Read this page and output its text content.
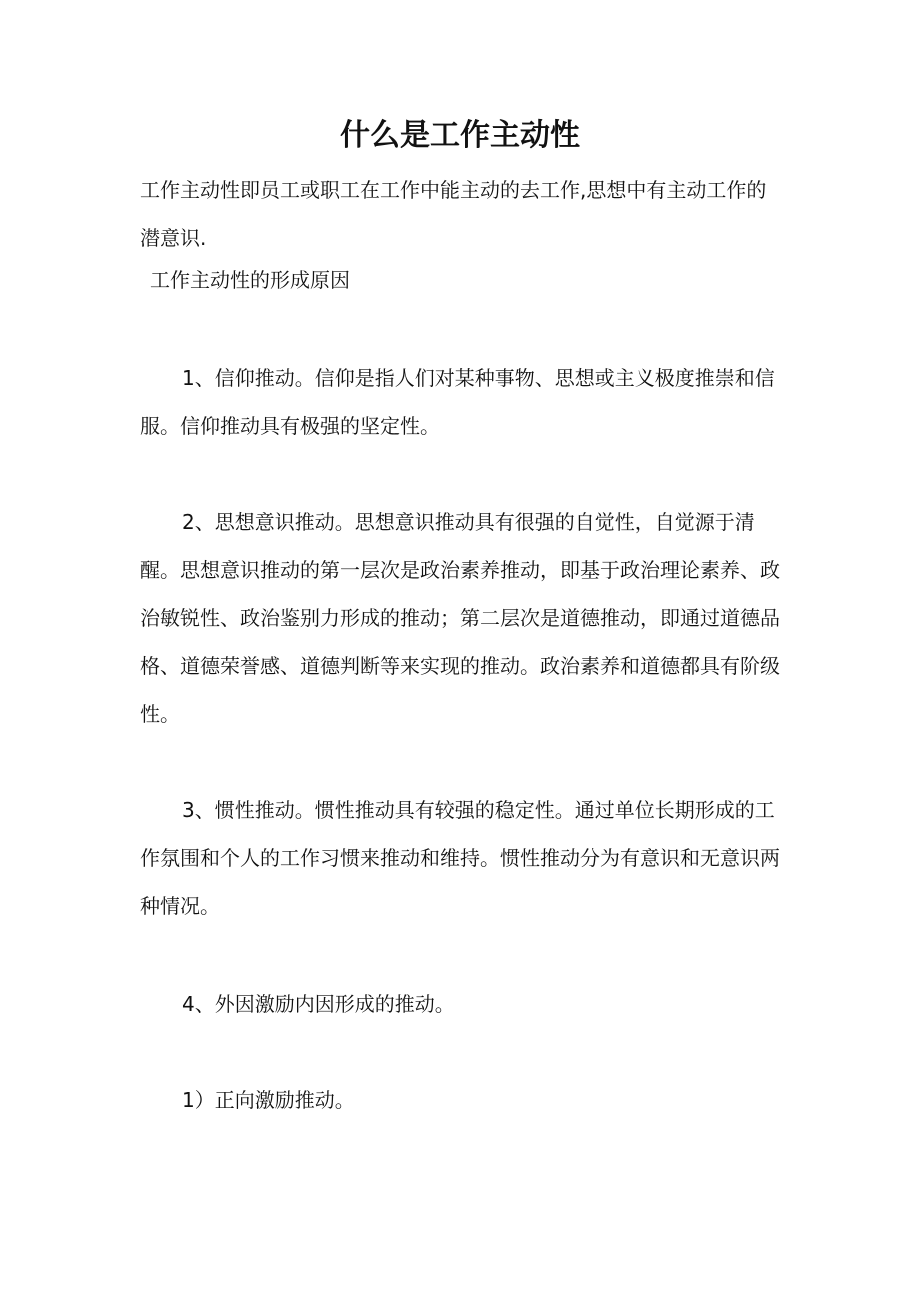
什么是工作主动性

工作主动性即员工或职工在工作中能主动的去工作,思想中有主动工作的潜意识.

工作主动性的形成原因

1、信仰推动。信仰是指人们对某种事物、思想或主义极度推崇和信服。信仰推动具有极强的坚定性。

2、思想意识推动。思想意识推动具有很强的自觉性，自觉源于清醒。思想意识推动的第一层次是政治素养推动，即基于政治理论素养、政治敏锐性、政治鉴别力形成的推动；第二层次是道德推动，即通过道德品格、道德荣誉感、道德判断等来实现的推动。政治素养和道德都具有阶级性。

3、惯性推动。惯性推动具有较强的稳定性。通过单位长期形成的工作氛围和个人的工作习惯来推动和维持。惯性推动分为有意识和无意识两种情况。

4、外因激励内因形成的推动。

1）正向激励推动。
